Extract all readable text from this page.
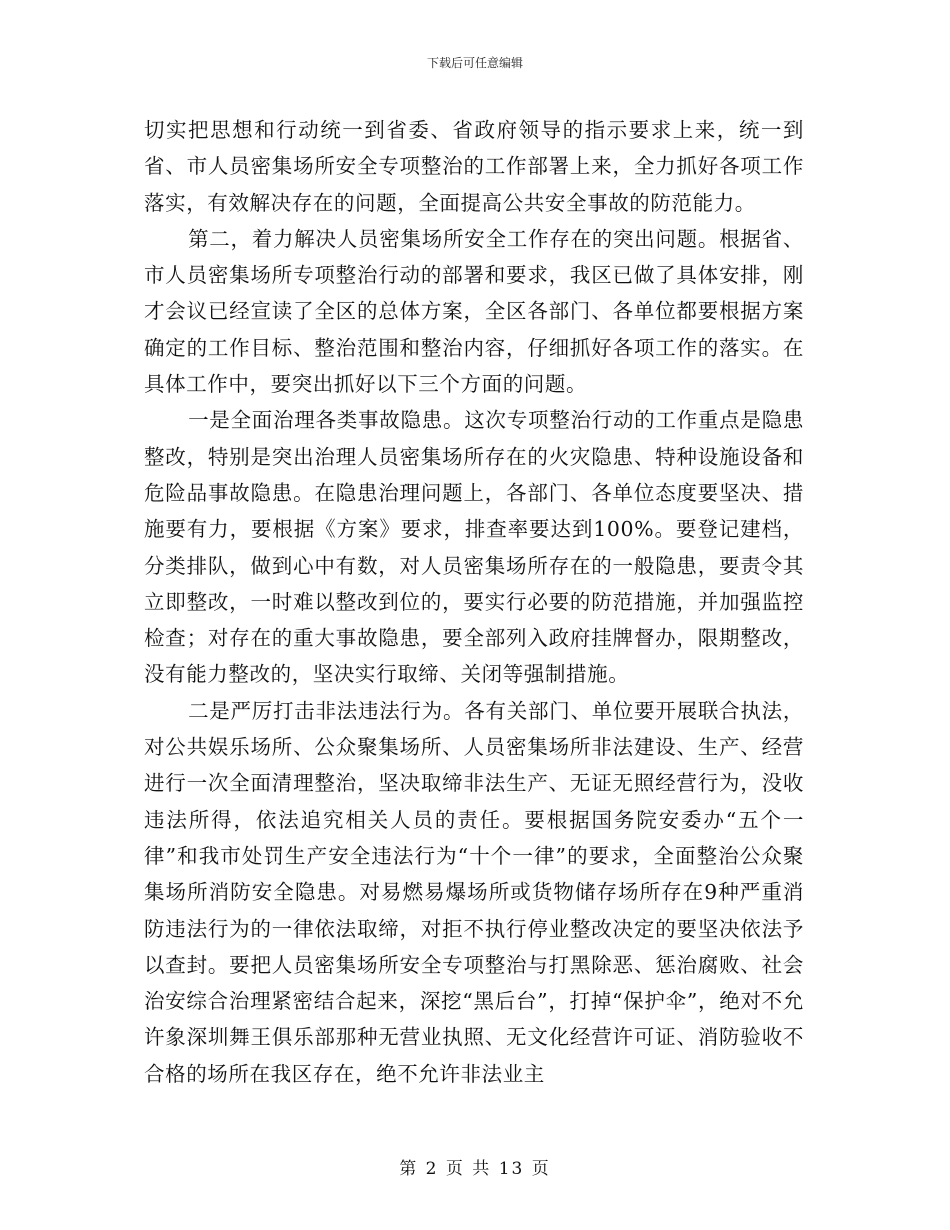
下载后可任意编辑

切实把思想和行动统一到省委、省政府领导的指示要求上来，统一到省、市人员密集场所安全专项整治的工作部署上来，全力抓好各项工作落实，有效解决存在的问题，全面提高公共安全事故的防范能力。

第二，着力解决人员密集场所安全工作存在的突出问题。根据省、市人员密集场所专项整治行动的部署和要求，我区已做了具体安排，刚才会议已经宣读了全区的总体方案，全区各部门、各单位都要根据方案确定的工作目标、整治范围和整治内容，仔细抓好各项工作的落实。在具体工作中，要突出抓好以下三个方面的问题。

一是全面治理各类事故隐患。这次专项整治行动的工作重点是隐患整改，特别是突出治理人员密集场所存在的火灾隐患、特种设施设备和危险品事故隐患。在隐患治理问题上，各部门、各单位态度要坚决、措施要有力，要根据《方案》要求，排查率要达到100%。要登记建档，分类排队，做到心中有数，对人员密集场所存在的一般隐患，要责令其立即整改，一时难以整改到位的，要实行必要的防范措施，并加强监控检查；对存在的重大事故隐患，要全部列入政府挂牌督办，限期整改，没有能力整改的，坚决实行取缔、关闭等强制措施。

二是严厉打击非法违法行为。各有关部门、单位要开展联合执法，对公共娱乐场所、公众聚集场所、人员密集场所非法建设、生产、经营进行一次全面清理整治，坚决取缔非法生产、无证无照经营行为，没收违法所得，依法追究相关人员的责任。要根据国务院安委办“五个一律”和我市处罚生产安全违法行为“十个一律”的要求，全面整治公众聚集场所消防安全隐患。对易燃易爆场所或货物储存场所存在9种严重消防违法行为的一律依法取缔，对拒不执行停业整改决定的要坚决依法予以查封。要把人员密集场所安全专项整治与打黑除恶、惩治腐败、社会治安综合治理紧密结合起来，深挖“黑后台”，打掉“保护伞”，绝对不允许象深圳舞王俱乐部那种无营业执照、无文化经营许可证、消防验收不合格的场所在我区存在，绝不允许非法业主

第 2 页 共 13 页
